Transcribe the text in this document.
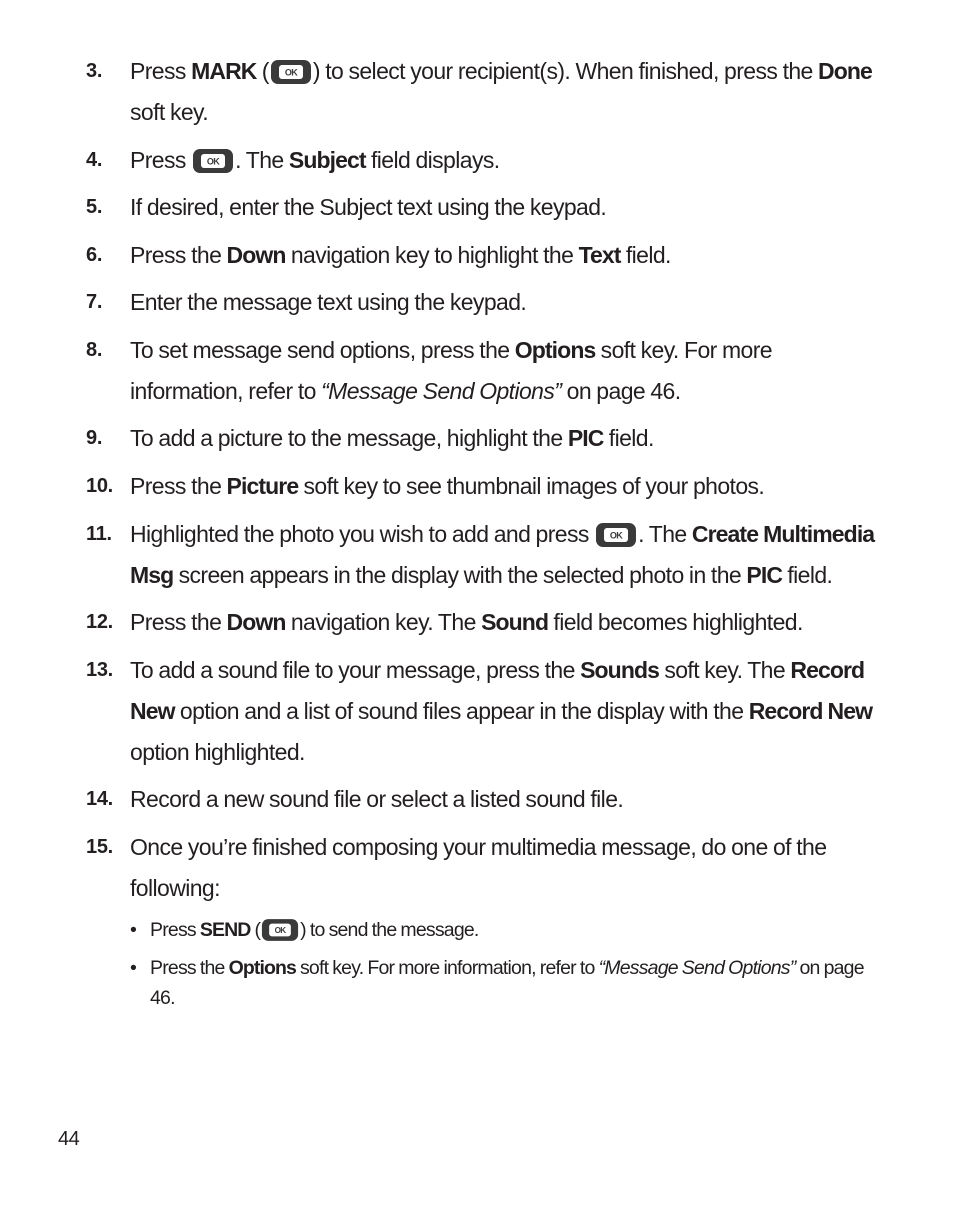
3. Press MARK ( OK ) to select your recipient(s). When finished, press the Done soft key.
4. Press OK . The Subject field displays.
5. If desired, enter the Subject text using the keypad.
6. Press the Down navigation key to highlight the Text field.
7. Enter the message text using the keypad.
8. To set message send options, press the Options soft key. For more information, refer to “Message Send Options” on page 46.
9. To add a picture to the message, highlight the PIC field.
10. Press the Picture soft key to see thumbnail images of your photos.
11. Highlighted the photo you wish to add and press OK . The Create Multimedia Msg screen appears in the display with the selected photo in the PIC field.
12. Press the Down navigation key. The Sound field becomes highlighted.
13. To add a sound file to your message, press the Sounds soft key. The Record New option and a list of sound files appear in the display with the Record New option highlighted.
14. Record a new sound file or select a listed sound file.
15. Once you’re finished composing your multimedia message, do one of the following:
• Press SEND ( OK ) to send the message.
• Press the Options soft key. For more information, refer to “Message Send Options” on page 46.
44
